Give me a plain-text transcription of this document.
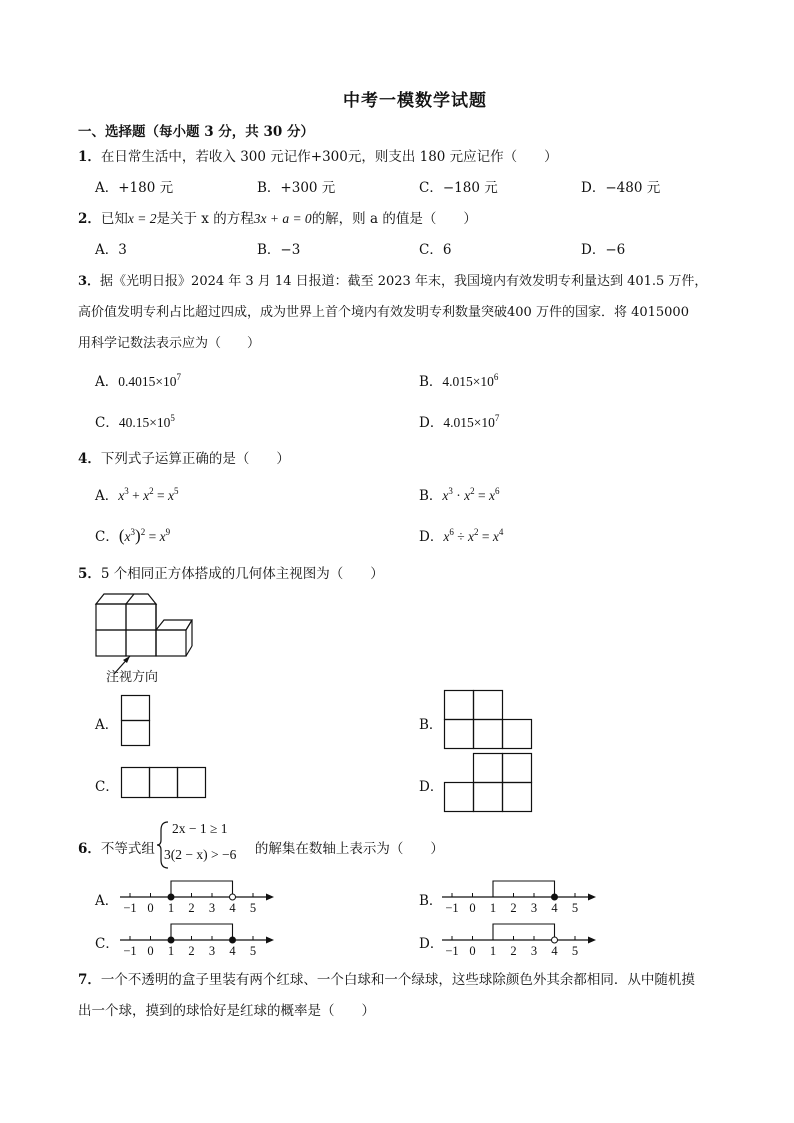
中考一模数学试题
一、选择题（每小题 3 分，共 30 分）
1．在日常生活中，若收入 300 元记作+300元，则支出 180 元应记作（　　）
A．+180 元	B．+300 元	C．−180 元	D．−480 元
2．已知x = 2是关于 x 的方程3x + a = 0的解，则 a 的值是（　　）
A．3	B．−3	C．6	D．−6
3．据《光明日报》2024 年 3 月 14 日报道：截至 2023 年末，我国境内有效发明专利量达到 401.5 万件，
高价值发明专利占比超过四成，成为世界上首个境内有效发明专利数量突破400 万件的国家．将 4015000
用科学记数法表示应为（　　）
A．$0.4015\times 10^7$	B．$4.015\times 10^6$
C．$40.15\times 10^5$	D．$4.015\times 10^7$
4．下列式子运算正确的是（　　）
A．$x^3 + x^2 = x^5$	B．$x^3 \cdot x^2 = x^6$
C．$(x^3)^2 = x^9$	D．$x^6 \div x^2 = x^4$
5．5 个相同正方体搭成的几何体主视图为（　　）
注视方向
A．	B．
C．	D．
6．不等式组	的解集在数轴上表示为（　　）
2x − 1 ≥ 1
3(2 − x) > −6
A．
C．
B．
D．
−1 0 1 2 3 4 5	−1 0 1 2 3 4 5
−1 0 1 2 3 4 5	−1 0 1 2 3 4 5
7．一个不透明的盒子里装有两个红球、一个白球和一个绿球，这些球除颜色外其余都相同．从中随机摸
出一个球，摸到的球恰好是红球的概率是（　　）
